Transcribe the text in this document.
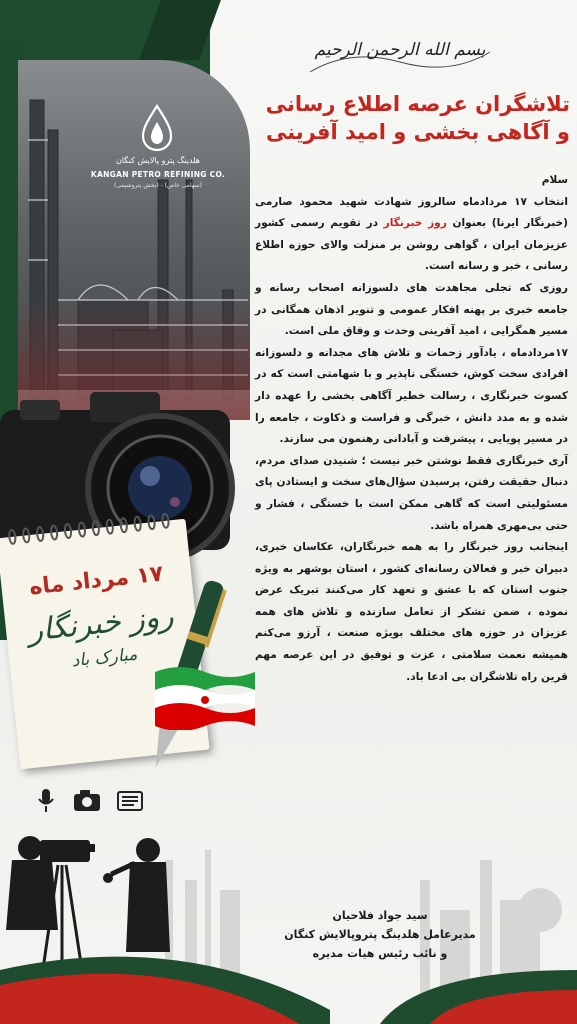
هلدینگ پترو پالایش کنگان
KANGAN PETRO REFINING CO.
(سهامی خاص) - (بخش پتروشیمی)
۱۷ مرداد ماه
روز خبرنگار
مبارک باد
بسم الله الرحمن الرحیم
تلاشگران عرصه اطلاع رسانی
و آگاهی بخشی و امید آفرینی

سلام

انتخاب ۱۷ مردادماه سالروز شهادت شهید محمود صارمی (خبرنگار ایرنا) بعنوان روز خبرنگار در تقویم رسمی کشور عزیزمان ایران ، گواهی روشن بر منزلت والای حوزه اطلاع رسانی ، خبر و رسانه است.

روزی که تجلی مجاهدت های دلسوزانه اصحاب رسانه و جامعه خبری بر پهنه افکار عمومی و تنویر اذهان همگانی در مسیر همگرایی ، امید آفرینی وحدت و وفاق ملی است.

۱۷مردادماه ، یادآور زحمات و تلاش های مجدانه و دلسوزانه افرادی سخت کوش، خستگی ناپذیر و با شهامتی است که در کسوت خبرنگاری ، رسالت خطیر آگاهی بخشی را عهده دار شده و به مدد دانش ، خبرگی و فراست و ذکاوت ، جامعه را در مسیر پویایی ، پیشرفت و آبادانی رهنمون می سازند.

آری خبرنگاری فقط نوشتن خبر نیست ؛ شنیدن صدای مردم، دنبال حقیقت رفتن، پرسیدن سؤال‌های سخت و ایستادن پای مسئولیتی است که گاهی ممکن است با خستگی ، فشار و حتی بی‌مهری همراه باشد.

اینجانب روز خبرنگار را به همه خبرنگاران، عکاسان خبری، دبیران خبر و فعالان رسانه‌ای کشور ، استان بوشهر به ویژه جنوب استان که با عشق و تعهد کار می‌کنند تبریک عرض نموده ، ضمن تشکر از تعامل سازنده و تلاش های همه عزیزان در حوزه های مختلف بویژه صنعت ، آرزو می‌کنم همیشه نعمت سلامتی ، عزت و توفیق در این عرصه مهم قرین راه تلاشگران بی ادعا باد.

سید جواد فلاحیان
مدیرعامل هلدینگ پتروپالایش کنگان
و نائب رئیس هیات مدیره
